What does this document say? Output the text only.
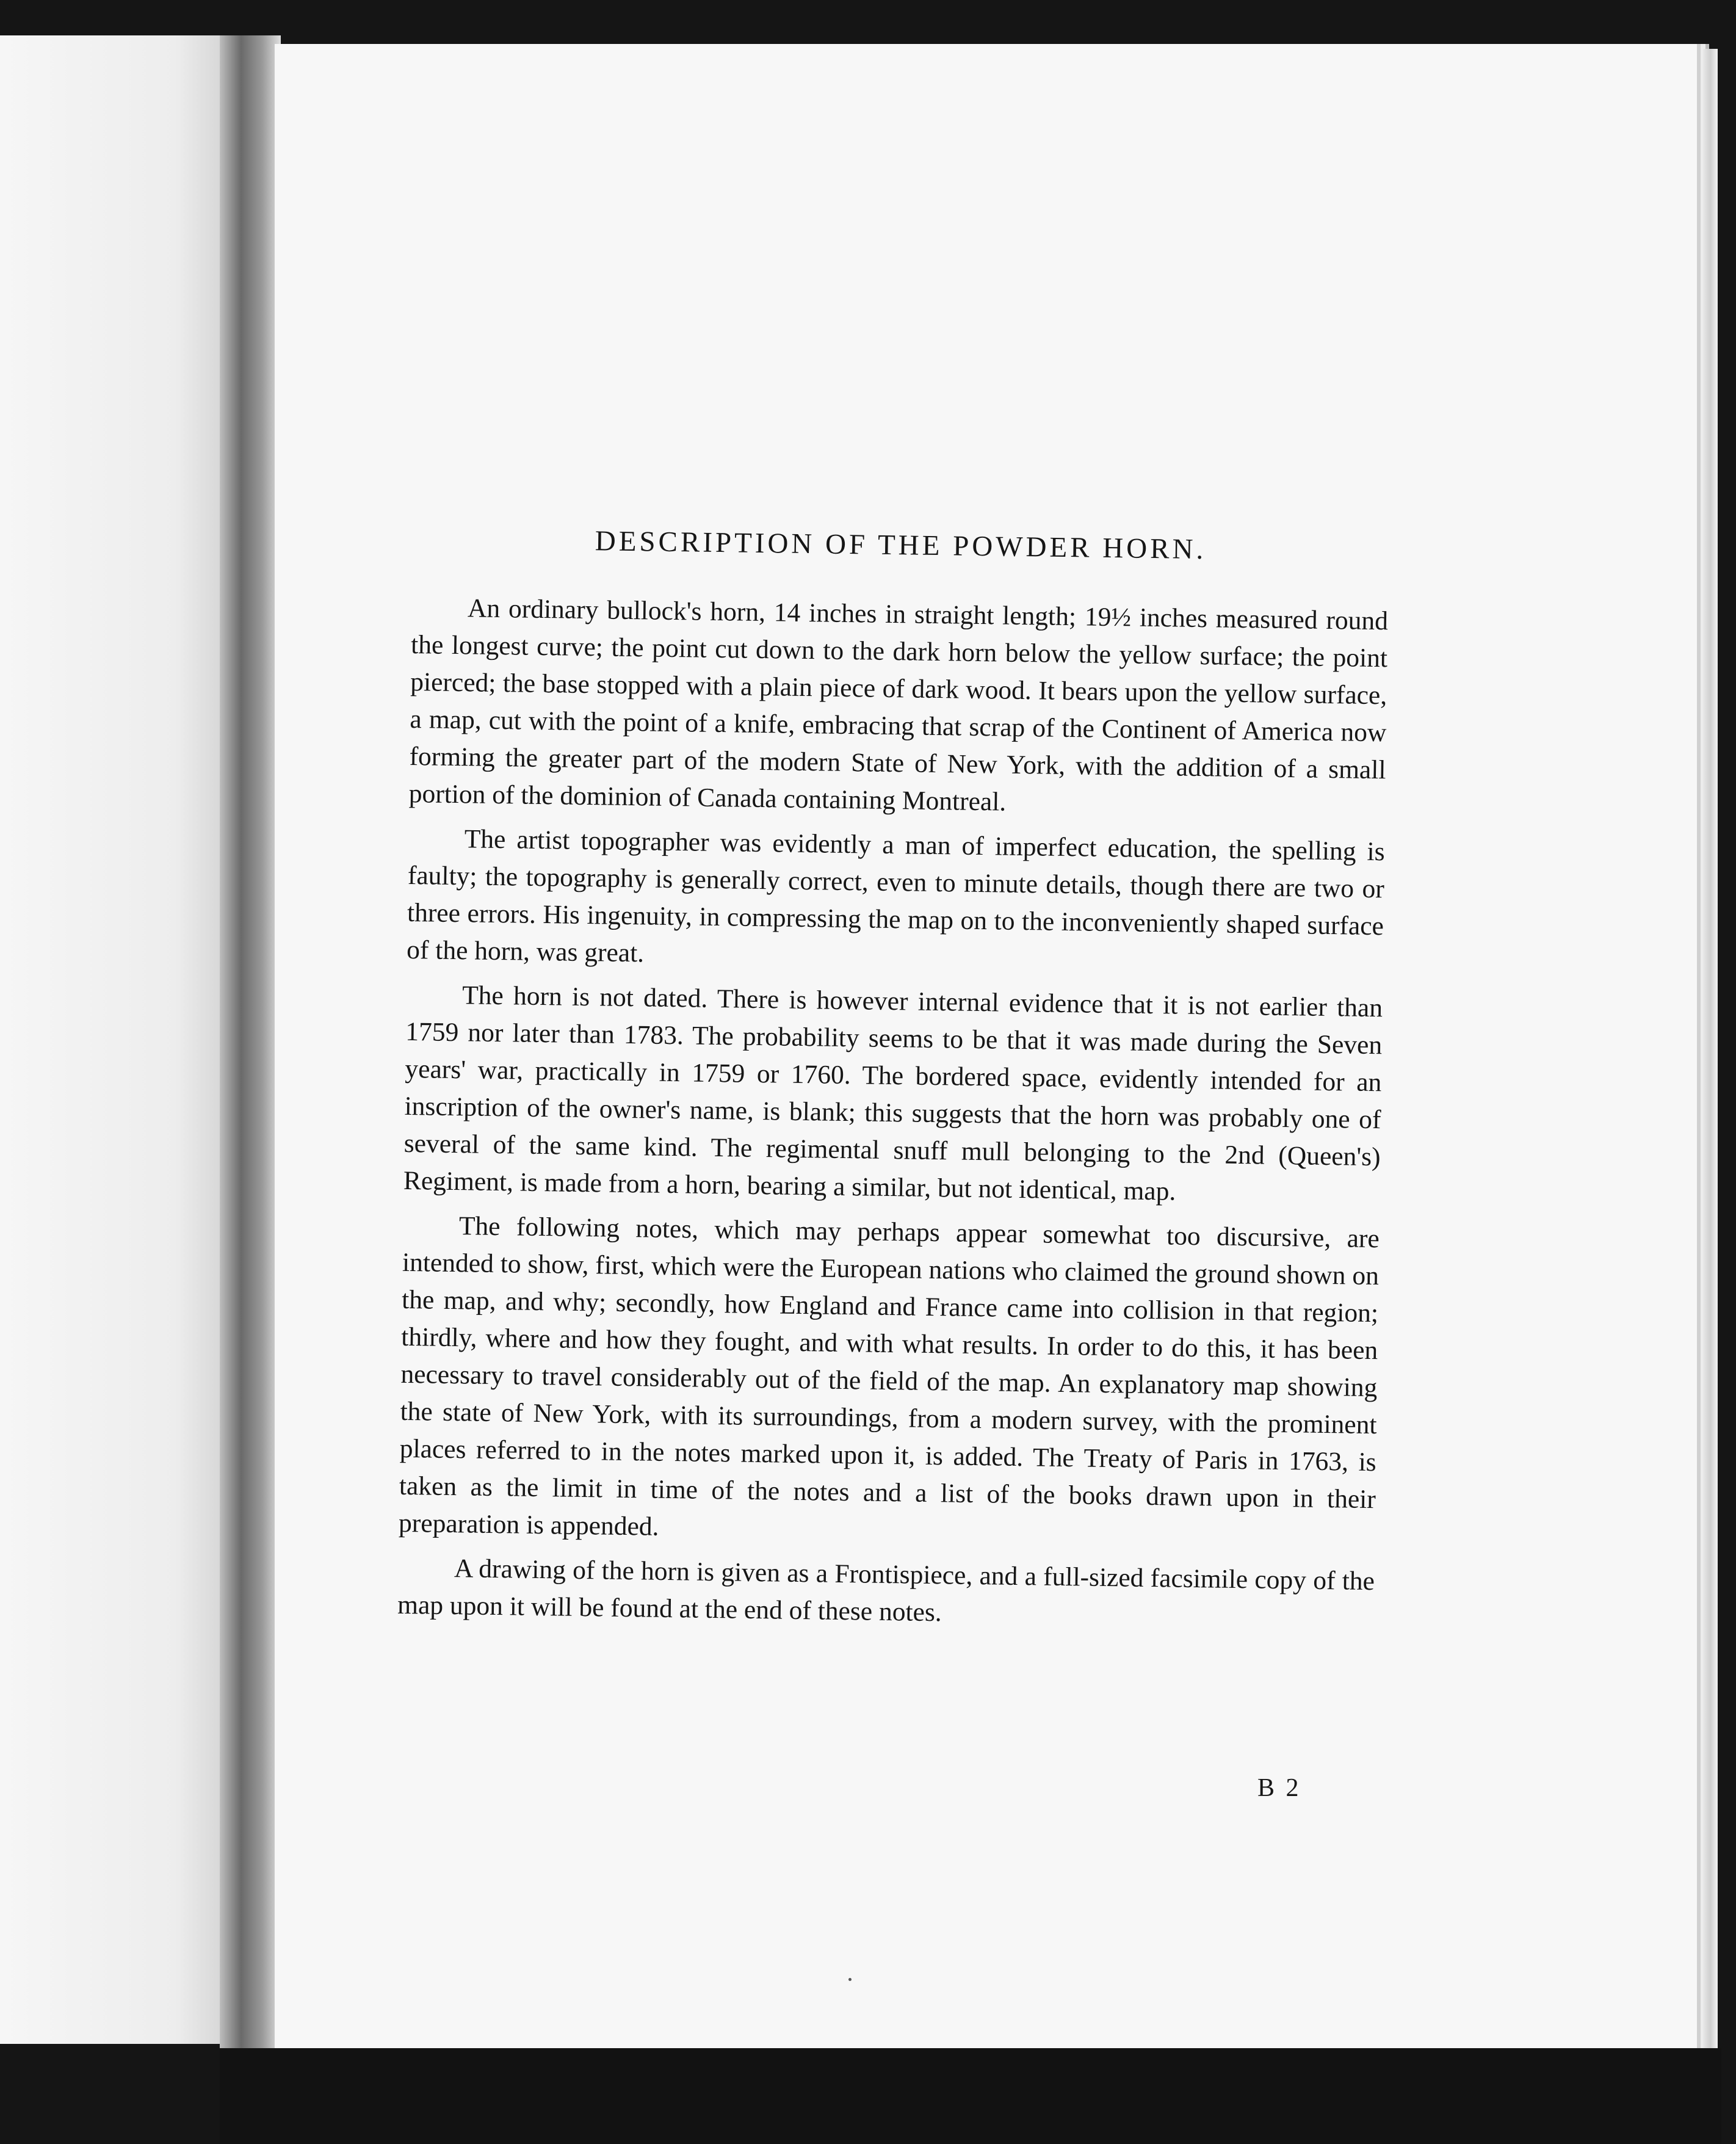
DESCRIPTION OF THE POWDER HORN.

An ordinary bullock's horn, 14 inches in straight length; 19½ inches measured round the longest curve; the point cut down to the dark horn below the yellow surface; the point pierced; the base stopped with a plain piece of dark wood. It bears upon the yellow surface, a map, cut with the point of a knife, embracing that scrap of the Continent of America now forming the greater part of the modern State of New York, with the addition of a small portion of the dominion of Canada containing Montreal.

The artist topographer was evidently a man of imperfect education, the spelling is faulty; the topography is generally correct, even to minute details, though there are two or three errors. His ingenuity, in compressing the map on to the inconveniently shaped surface of the horn, was great.

The horn is not dated. There is however internal evidence that it is not earlier than 1759 nor later than 1783. The probability seems to be that it was made during the Seven years' war, practically in 1759 or 1760. The bordered space, evidently intended for an inscription of the owner's name, is blank; this suggests that the horn was probably one of several of the same kind. The regimental snuff mull belonging to the 2nd (Queen's) Regiment, is made from a horn, bearing a similar, but not identical, map.

The following notes, which may perhaps appear somewhat too discursive, are intended to show, first, which were the European nations who claimed the ground shown on the map, and why; secondly, how England and France came into collision in that region; thirdly, where and how they fought, and with what results. In order to do this, it has been necessary to travel considerably out of the field of the map. An explanatory map showing the state of New York, with its surroundings, from a modern survey, with the prominent places referred to in the notes marked upon it, is added. The Treaty of Paris in 1763, is taken as the limit in time of the notes and a list of the books drawn upon in their preparation is appended.

A drawing of the horn is given as a Frontispiece, and a full-sized facsimile copy of the map upon it will be found at the end of these notes.

B 2
